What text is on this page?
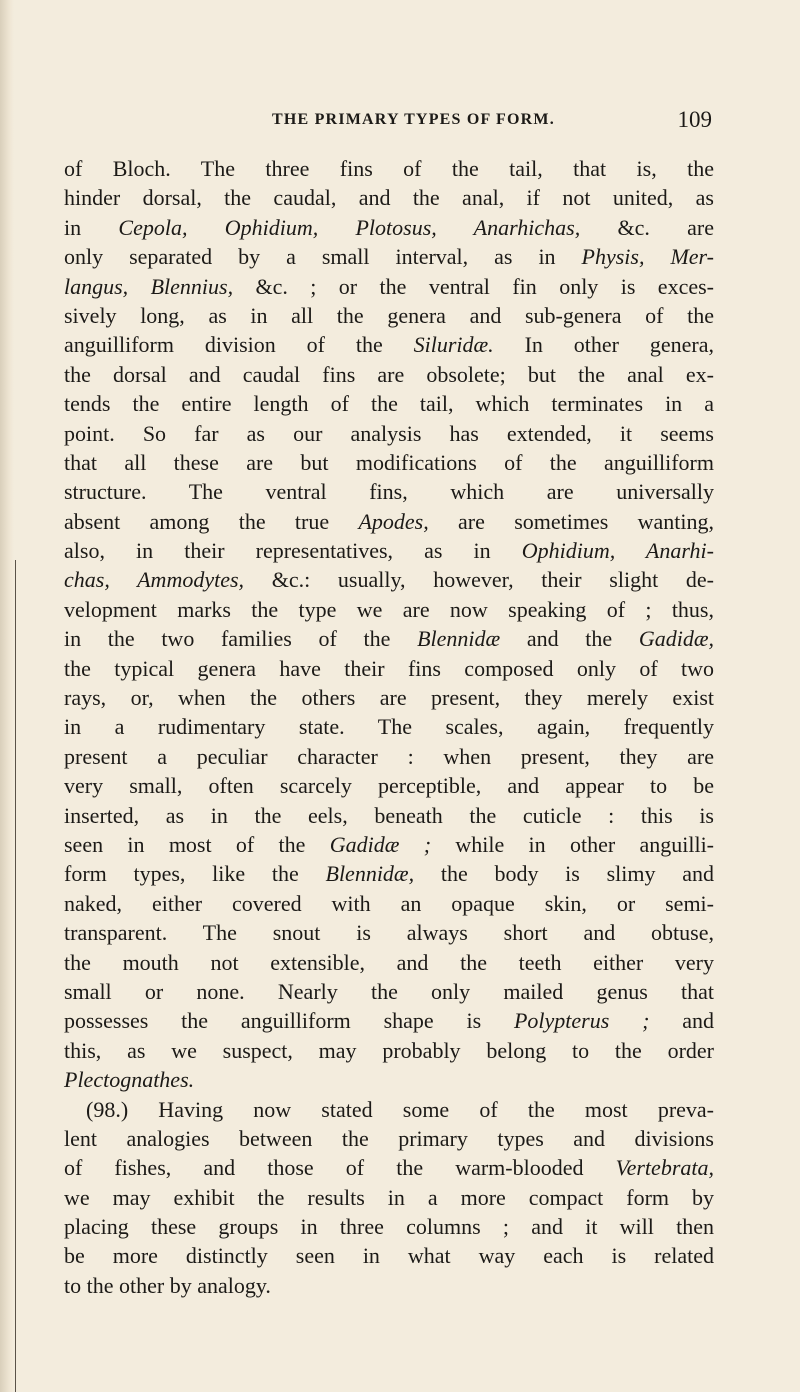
THE PRIMARY TYPES OF FORM.	109
of Bloch. The three fins of the tail, that is, the
hinder dorsal, the caudal, and the anal, if not united, as
in Cepola, Ophidium, Plotosus, Anarhichas, &c. are
only separated by a small interval, as in Physis, Mer-
langus, Blennius, &c. ; or the ventral fin only is exces-
sively long, as in all the genera and sub-genera of the
anguilliform division of the Siluridæ. In other genera,
the dorsal and caudal fins are obsolete; but the anal ex-
tends the entire length of the tail, which terminates in a
point. So far as our analysis has extended, it seems
that all these are but modifications of the anguilliform
structure. The ventral fins, which are universally
absent among the true Apodes, are sometimes wanting,
also, in their representatives, as in Ophidium, Anarhi-
chas, Ammodytes, &c.: usually, however, their slight de-
velopment marks the type we are now speaking of ; thus,
in the two families of the Blennidæ and the Gadidæ,
the typical genera have their fins composed only of two
rays, or, when the others are present, they merely exist
in a rudimentary state. The scales, again, frequently
present a peculiar character : when present, they are
very small, often scarcely perceptible, and appear to be
inserted, as in the eels, beneath the cuticle : this is
seen in most of the Gadidæ ; while in other anguilli-
form types, like the Blennidæ, the body is slimy and
naked, either covered with an opaque skin, or semi-
transparent. The snout is always short and obtuse,
the mouth not extensible, and the teeth either very
small or none. Nearly the only mailed genus that
possesses the anguilliform shape is Polypterus ; and
this, as we suspect, may probably belong to the order
Plectognathes.
(98.) Having now stated some of the most preva-
lent analogies between the primary types and divisions
of fishes, and those of the warm-blooded Vertebrata,
we may exhibit the results in a more compact form by
placing these groups in three columns ; and it will then
be more distinctly seen in what way each is related
to the other by analogy.
